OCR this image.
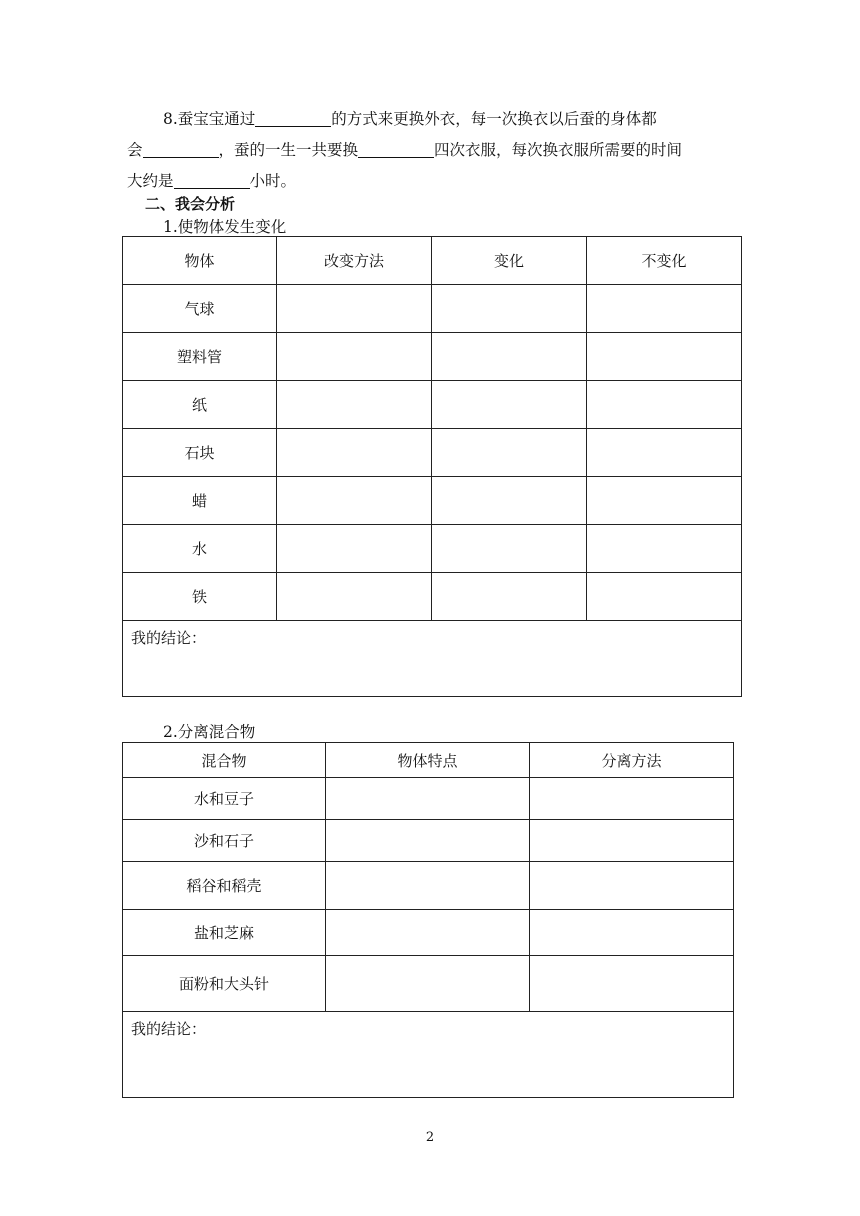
8.蚕宝宝通过	的方式来更换外衣，每一次换衣以后蚕的身体都
会	，蚕的一生一共要换	四次衣服，每次换衣服所需要的时间
大约是	小时。
二、我会分析
1.使物体发生变化
物体	改变方法	变化	不变化
气球			
塑料管			
纸			
石块			
蜡			
水			
铁			
我的结论：			
2.分离混合物
混合物	物体特点	分离方法
水和豆子		
沙和石子		
稻谷和稻壳		
盐和芝麻		
面粉和大头针		
我的结论：		
2
